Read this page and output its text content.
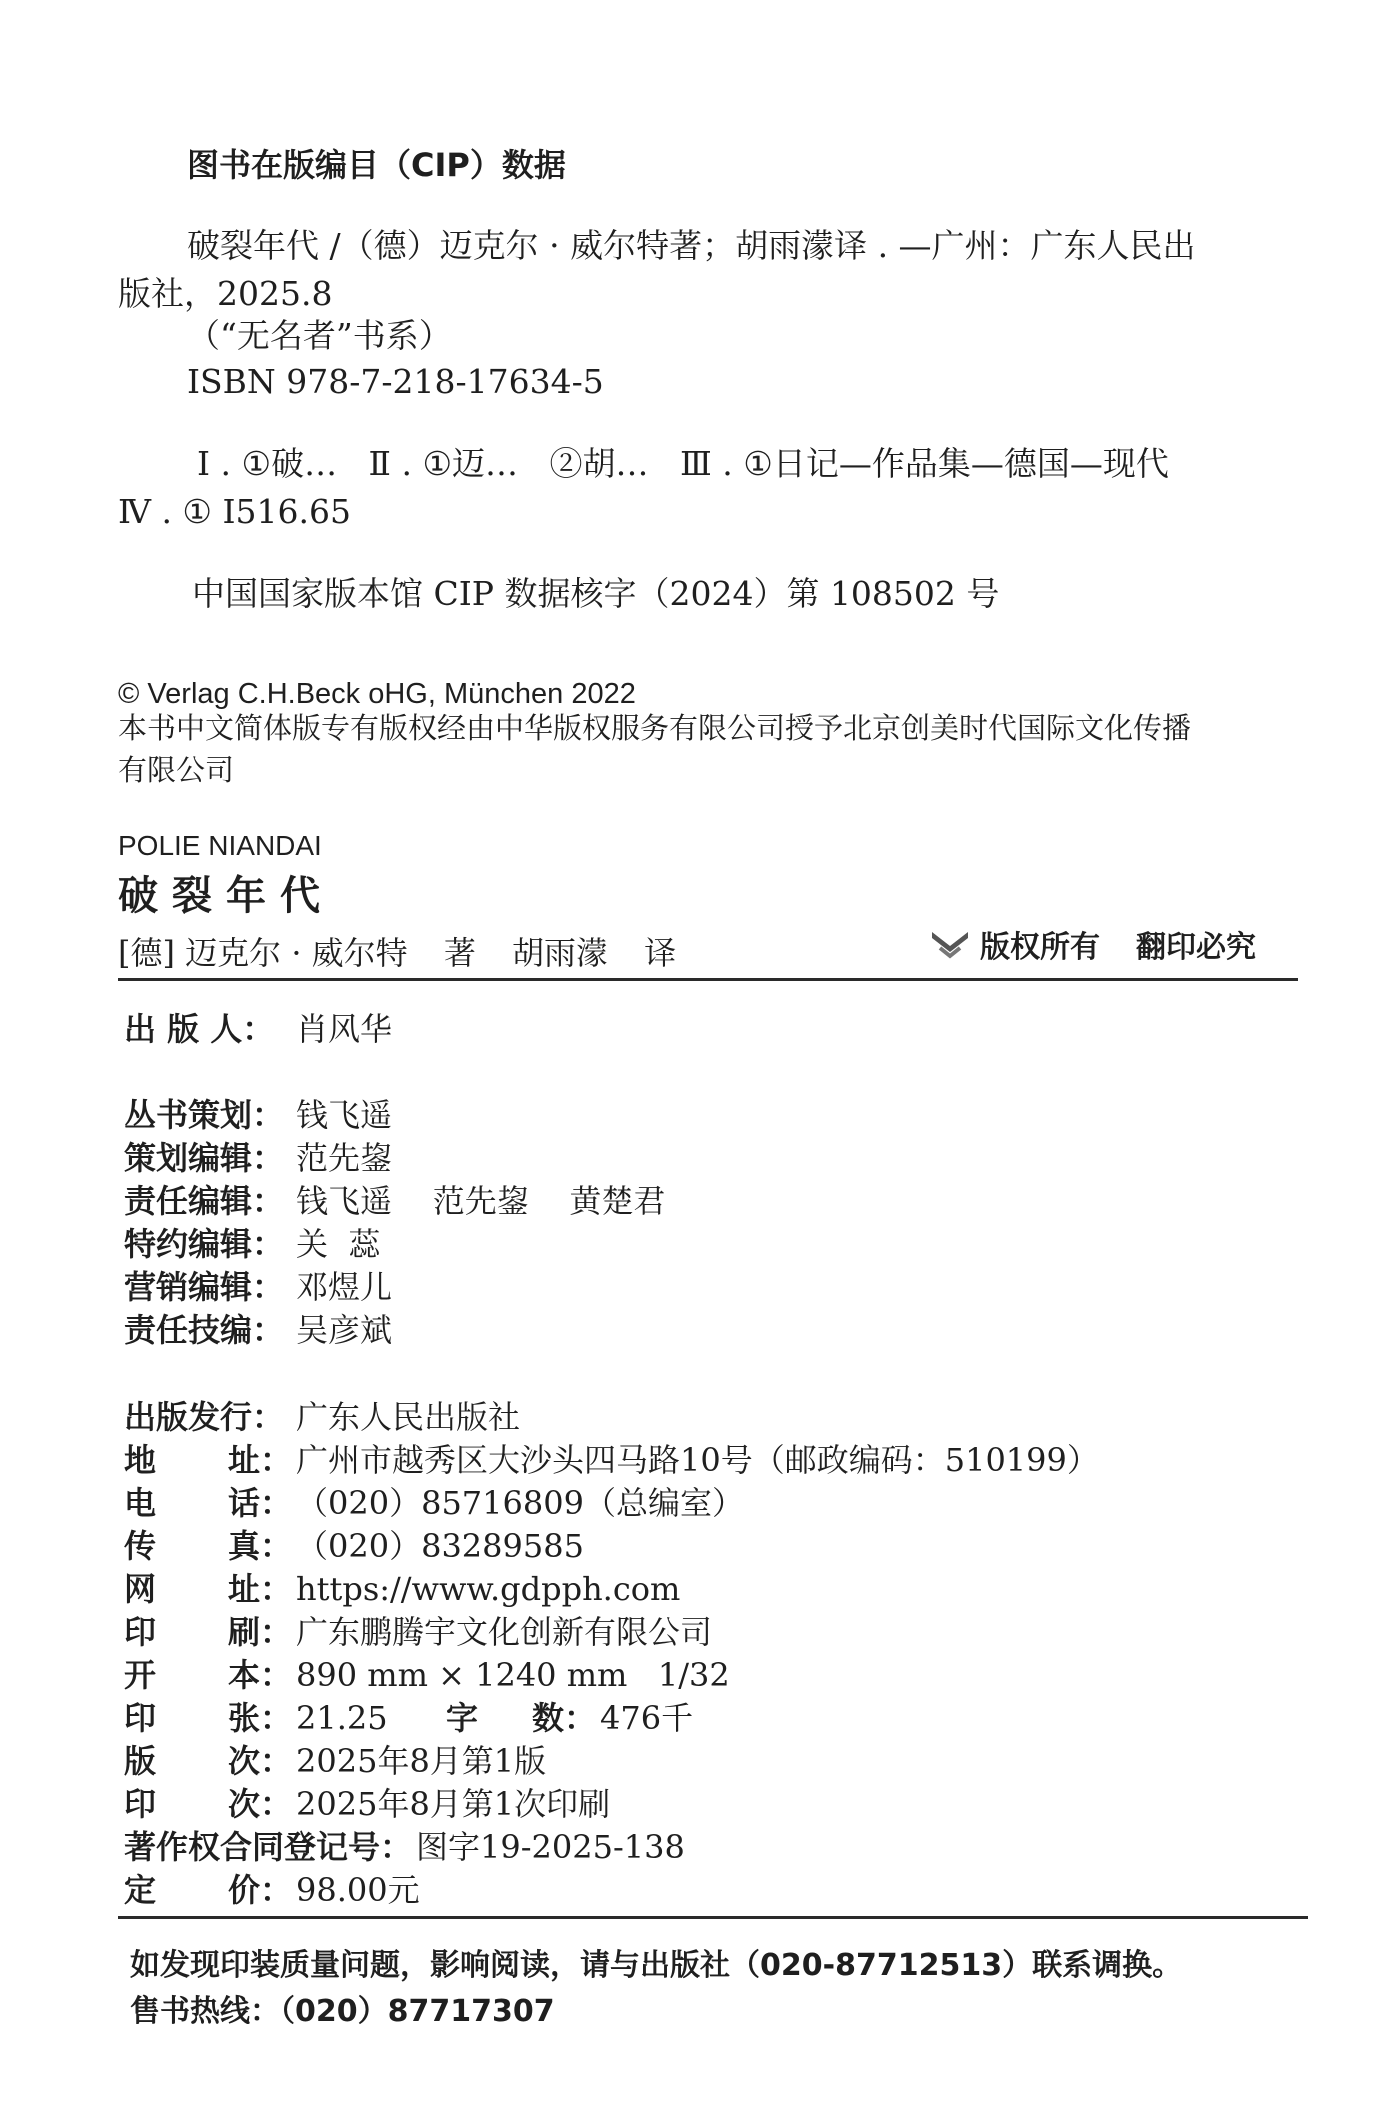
图书在版编目（CIP）数据
破裂年代 /（德）迈克尔 · 威尔特著；胡雨濛译 . —广州：广东人民出
版社，2025.8
（“无名者”书系）
ISBN 978-7-218-17634-5
Ⅰ . ①破…   Ⅱ . ①迈…   ②胡…   Ⅲ . ①日记—作品集—德国—现代
Ⅳ . ① I516.65
中国国家版本馆 CIP 数据核字（2024）第 108502 号
© Verlag C.H.Beck oHG, München 2022
本书中文简体版专有版权经由中华版权服务有限公司授予北京创美时代国际文化传播
有限公司
POLIE NIANDAI
破裂年代
[德] 迈克尔 · 威尔特 著 胡雨濛 译	版权所有 翻印必究
出 版 人： 肖风华
丛书策划： 钱飞遥
策划编辑： 范先鋆
责任编辑： 钱飞遥    范先鋆    黄楚君
特约编辑： 关  蕊
营销编辑： 邓煜儿
责任技编： 吴彦斌
出版发行： 广东人民出版社
地 址： 广州市越秀区大沙头四马路10号（邮政编码：510199）
电 话： （020）85716809（总编室）
传 真： （020）83289585
网 址： https://www.gdpph.com
印 刷： 广东鹏腾宇文化创新有限公司
开 本： 890 mm × 1240 mm   1/32
印 张： 21.25	字 数： 476千
版 次： 2025年8月第1版
印 次： 2025年8月第1次印刷
著作权合同登记号： 图字19-2025-138
定 价： 98.00元
如发现印装质量问题，影响阅读，请与出版社（020-87712513）联系调换。
售书热线：（020）87717307
